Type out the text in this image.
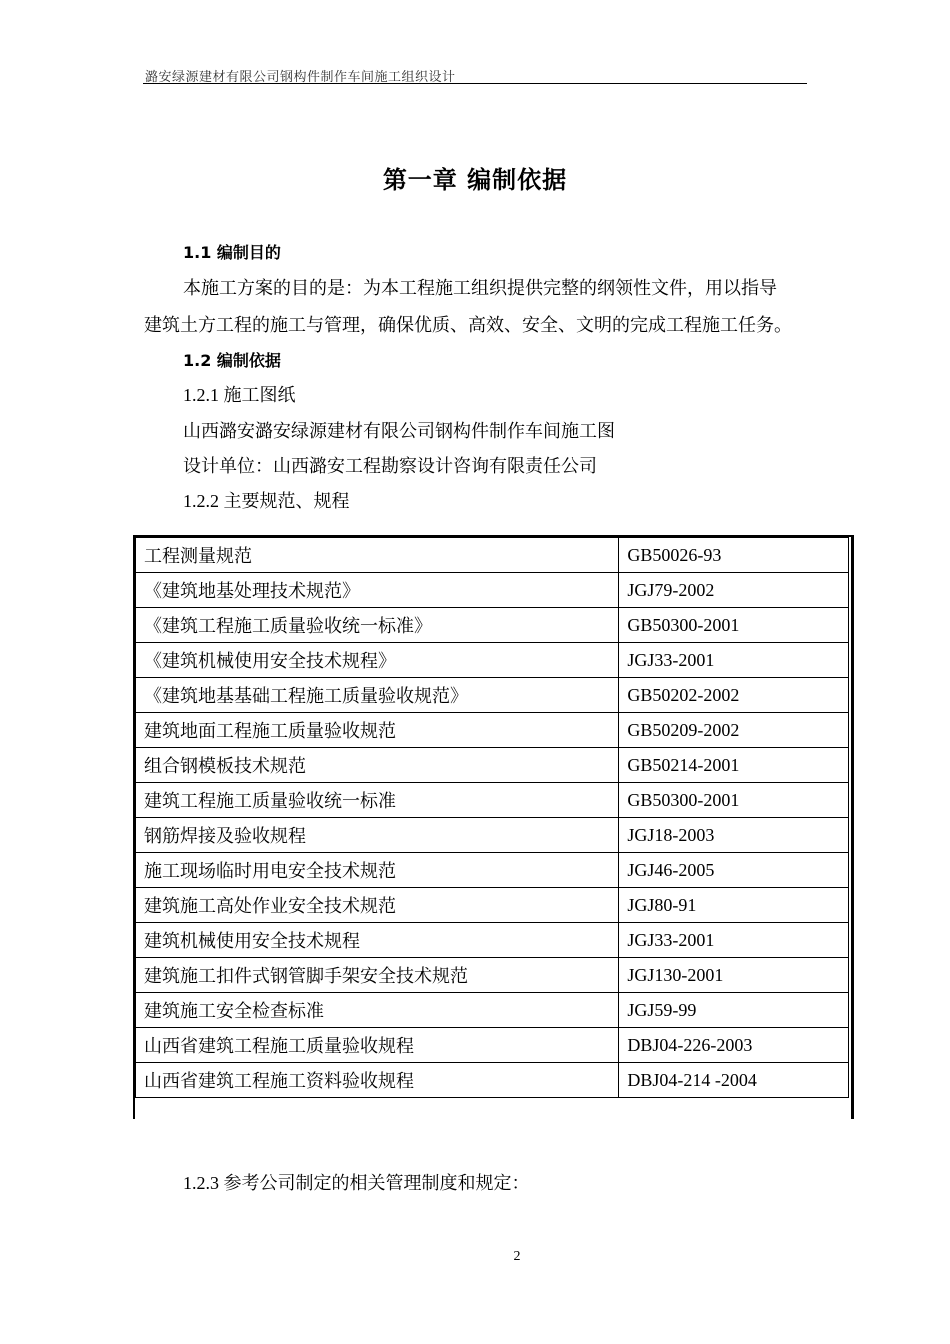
潞安绿源建材有限公司钢构件制作车间施工组织设计
第一章 编制依据
1.1 编制目的
本施工方案的目的是：为本工程施工组织提供完整的纲领性文件，用以指导
建筑土方工程的施工与管理，确保优质、高效、安全、文明的完成工程施工任务。
1.2 编制依据
1.2.1 施工图纸
山西潞安潞安绿源建材有限公司钢构件制作车间施工图
设计单位：山西潞安工程勘察设计咨询有限责任公司
1.2.2 主要规范、规程
工程测量规范	GB50026-93
《建筑地基处理技术规范》	JGJ79-2002
《建筑工程施工质量验收统一标准》	GB50300-2001
《建筑机械使用安全技术规程》	JGJ33-2001
《建筑地基基础工程施工质量验收规范》	GB50202-2002
建筑地面工程施工质量验收规范	GB50209-2002
组合钢模板技术规范	GB50214-2001
建筑工程施工质量验收统一标准	GB50300-2001
钢筋焊接及验收规程	JGJ18-2003
施工现场临时用电安全技术规范	JGJ46-2005
建筑施工高处作业安全技术规范	JGJ80-91
建筑机械使用安全技术规程	JGJ33-2001
建筑施工扣件式钢管脚手架安全技术规范	JGJ130-2001
建筑施工安全检查标准	JGJ59-99
山西省建筑工程施工质量验收规程	DBJ04-226-2003
山西省建筑工程施工资料验收规程	DBJ04-214 -2004
1.2.3 参考公司制定的相关管理制度和规定：
2
